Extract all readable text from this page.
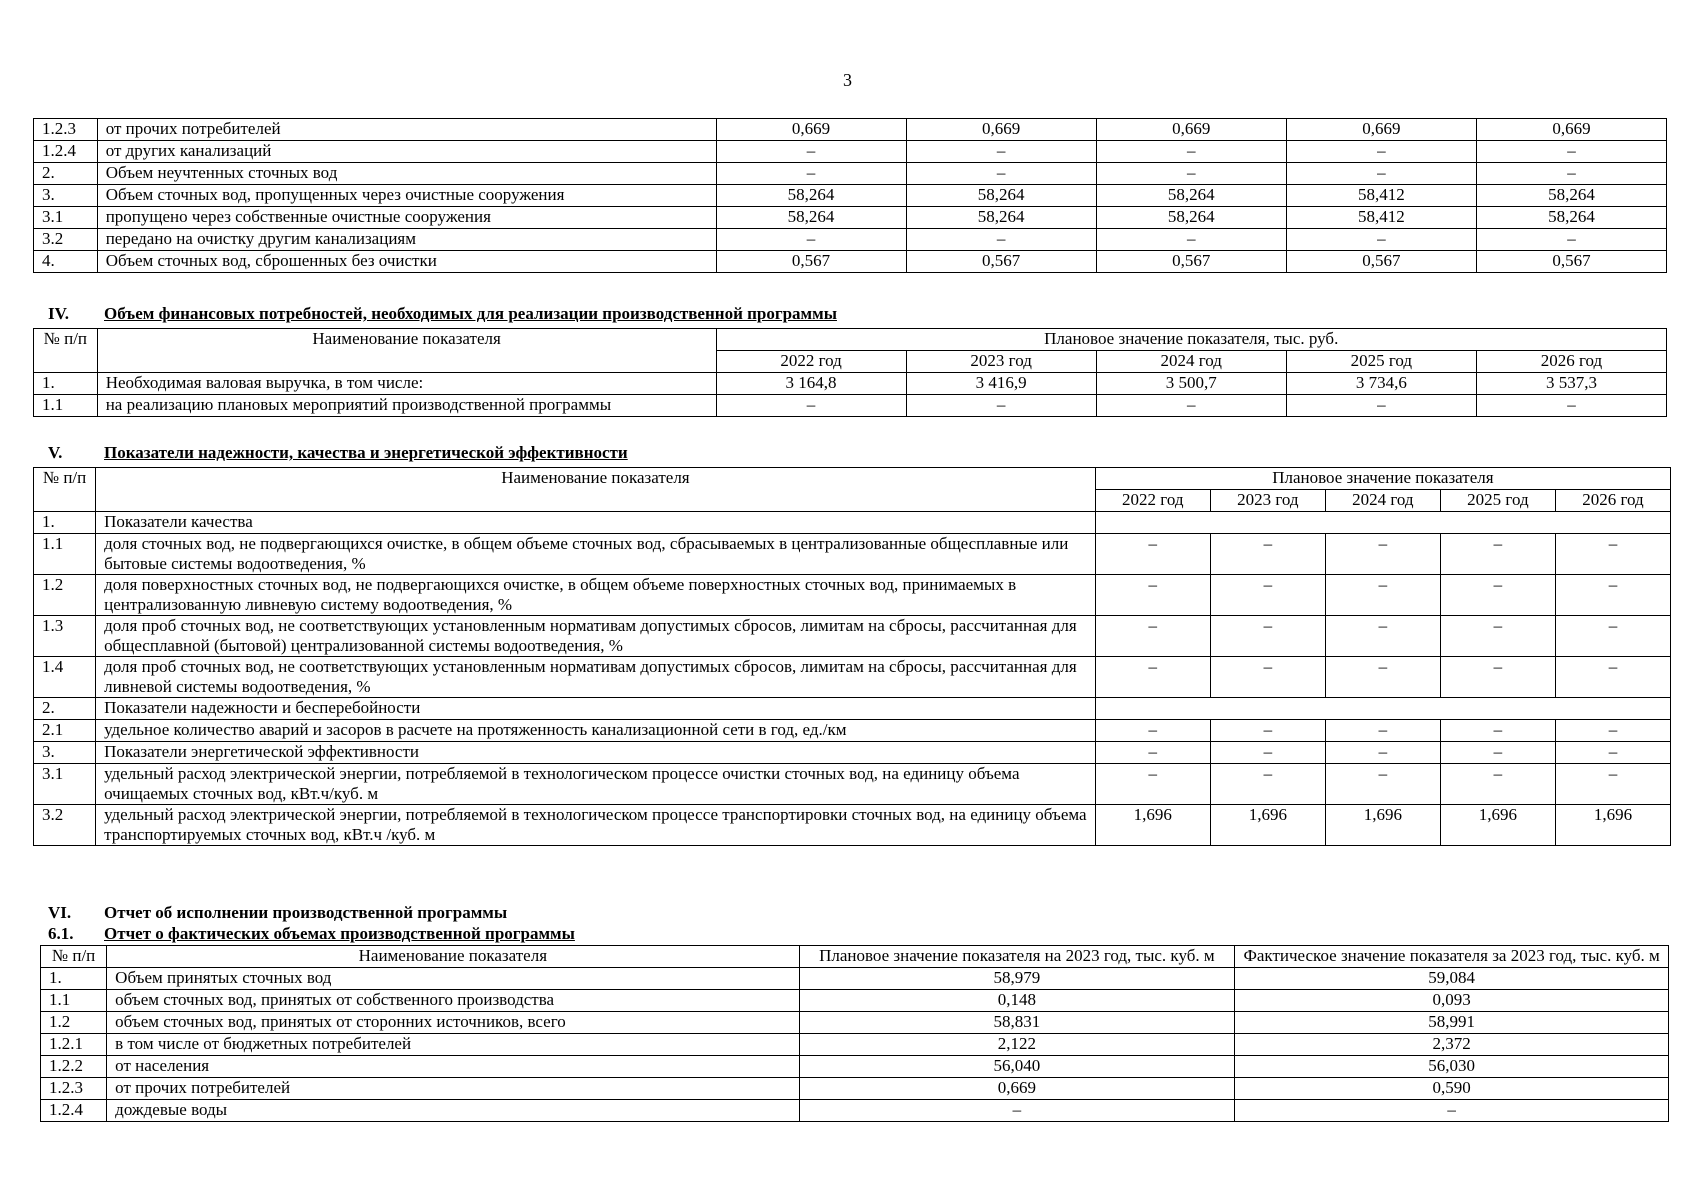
3
1.2.3	от прочих потребителей	0,669	0,669	0,669	0,669	0,669
1.2.4	от других канализаций	–	–	–	–	–
2.	Объем неучтенных сточных вод	–	–	–	–	–
3.	Объем сточных вод, пропущенных через очистные сооружения	58,264	58,264	58,264	58,412	58,264
3.1	пропущено через собственные очистные сооружения	58,264	58,264	58,264	58,412	58,264
3.2	передано на очистку другим канализациям	–	–	–	–	–
4.	Объем сточных вод, сброшенных без очистки	0,567	0,567	0,567	0,567	0,567
IV. Объем финансовых потребностей, необходимых для реализации производственной программы
№ п/п	Наименование показателя	Плановое значение показателя, тыс. руб.				
		2022 год	2023 год	2024 год	2025 год	2026 год
1.	Необходимая валовая выручка, в том числе:	3 164,8	3 416,9	3 500,7	3 734,6	3 537,3
1.1	на реализацию плановых мероприятий производственной программы	–	–	–	–	–
V. Показатели надежности, качества и энергетической эффективности
№ п/п	Наименование показателя	Плановое значение показателя				
		2022 год	2023 год	2024 год	2025 год	2026 год
1.	Показатели качества					
1.1	доля сточных вод, не подвергающихся очистке, в общем объеме сточных вод, сбрасываемых в централизованные общесплавные или бытовые системы водоотведения, %	–	–	–	–	–
1.2	доля поверхностных сточных вод, не подвергающихся очистке, в общем объеме поверхностных сточных вод, принимаемых в централизованную ливневую систему водоотведения, %	–	–	–	–	–
1.3	доля проб сточных вод, не соответствующих установленным нормативам допустимых сбросов, лимитам на сбросы, рассчитанная для общесплавной (бытовой) централизованной системы водоотведения, %	–	–	–	–	–
1.4	доля проб сточных вод, не соответствующих установленным нормативам допустимых сбросов, лимитам на сбросы, рассчитанная для ливневой системы водоотведения, %	–	–	–	–	–
2.	Показатели надежности и бесперебойности					
2.1	удельное количество аварий и засоров в расчете на протяженность канализационной сети в год, ед./км	–	–	–	–	–
3.	Показатели энергетической эффективности	–	–	–	–	–
3.1	удельный расход электрической энергии, потребляемой в технологическом процессе очистки сточных вод, на единицу объема очищаемых сточных вод, кВт.ч/куб. м	–	–	–	–	–
3.2	удельный расход электрической энергии, потребляемой в технологическом процессе транспортировки сточных вод, на единицу объема транспортируемых сточных вод, кВт.ч /куб. м	1,696	1,696	1,696	1,696	1,696
VI. Отчет об исполнении производственной программы
6.1. Отчет о фактических объемах производственной программы
№ п/п	Наименование показателя	Плановое значение показателя на 2023 год, тыс. куб. м	Фактическое значение показателя за 2023 год, тыс. куб. м
1.	Объем принятых сточных вод	58,979	59,084
1.1	объем сточных вод, принятых от собственного производства	0,148	0,093
1.2	объем сточных вод, принятых от сторонних источников, всего	58,831	58,991
1.2.1	в том числе от бюджетных потребителей	2,122	2,372
1.2.2	от населения	56,040	56,030
1.2.3	от прочих потребителей	0,669	0,590
1.2.4	дождевые воды	–	–
